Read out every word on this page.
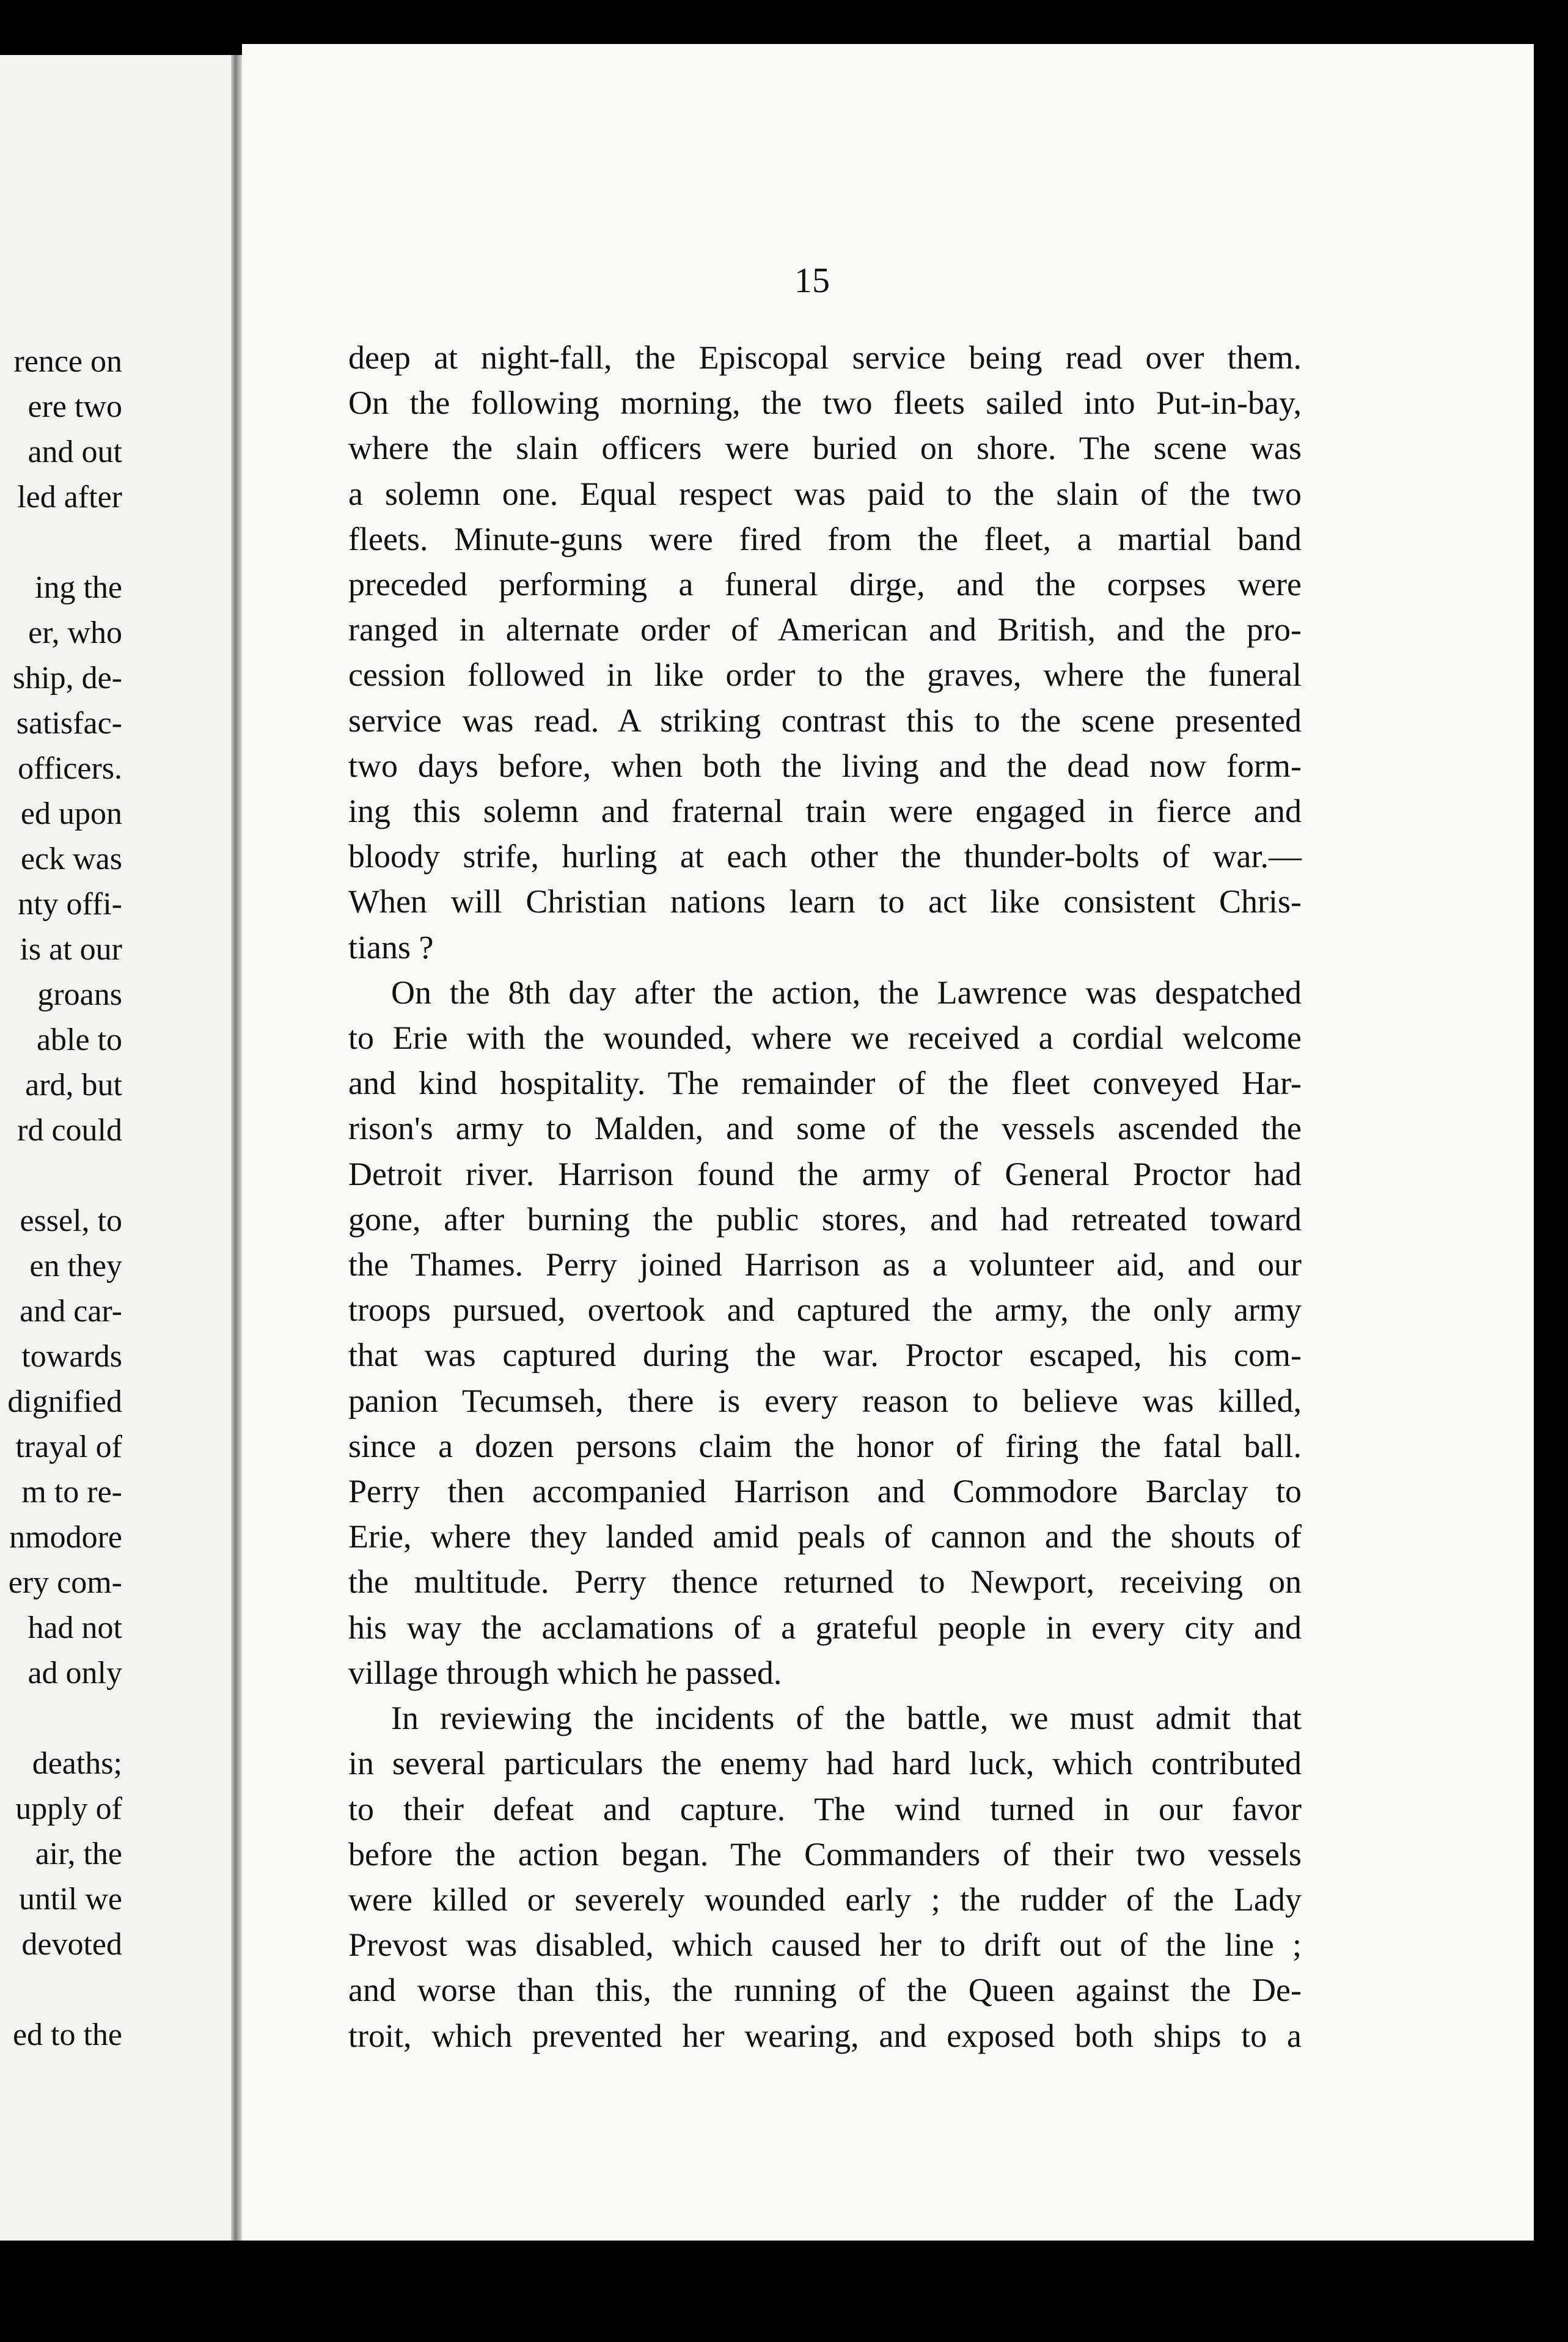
rence on
ere two
and out
led after

ing the
er, who
ship, de-
satisfac-
officers.
ed upon
eck was
nty offi-
is at our
groans
able to
ard, but
rd could

essel, to
en they
and car-
towards
dignified
trayal of
m to re-
nmodore
ery com-
had not
ad only

deaths;
upply of
air, the
until we
devoted

ed to the
15
deep at night-fall, the Episcopal service being read over them.
On the following morning, the two fleets sailed into Put-in-bay,
where the slain officers were buried on shore. The scene was
a solemn one. Equal respect was paid to the slain of the two
fleets. Minute-guns were fired from the fleet, a martial band
preceded performing a funeral dirge, and the corpses were
ranged in alternate order of American and British, and the pro-
cession followed in like order to the graves, where the funeral
service was read. A striking contrast this to the scene presented
two days before, when both the living and the dead now form-
ing this solemn and fraternal train were engaged in fierce and
bloody strife, hurling at each other the thunder-bolts of war.—
When will Christian nations learn to act like consistent Chris-
tians ?
On the 8th day after the action, the Lawrence was despatched
to Erie with the wounded, where we received a cordial welcome
and kind hospitality. The remainder of the fleet conveyed Har-
rison's army to Malden, and some of the vessels ascended the
Detroit river. Harrison found the army of General Proctor had
gone, after burning the public stores, and had retreated toward
the Thames. Perry joined Harrison as a volunteer aid, and our
troops pursued, overtook and captured the army, the only army
that was captured during the war. Proctor escaped, his com-
panion Tecumseh, there is every reason to believe was killed,
since a dozen persons claim the honor of firing the fatal ball.
Perry then accompanied Harrison and Commodore Barclay to
Erie, where they landed amid peals of cannon and the shouts of
the multitude. Perry thence returned to Newport, receiving on
his way the acclamations of a grateful people in every city and
village through which he passed.
In reviewing the incidents of the battle, we must admit that
in several particulars the enemy had hard luck, which contributed
to their defeat and capture. The wind turned in our favor
before the action began. The Commanders of their two vessels
were killed or severely wounded early ; the rudder of the Lady
Prevost was disabled, which caused her to drift out of the line ;
and worse than this, the running of the Queen against the De-
troit, which prevented her wearing, and exposed both ships to a
